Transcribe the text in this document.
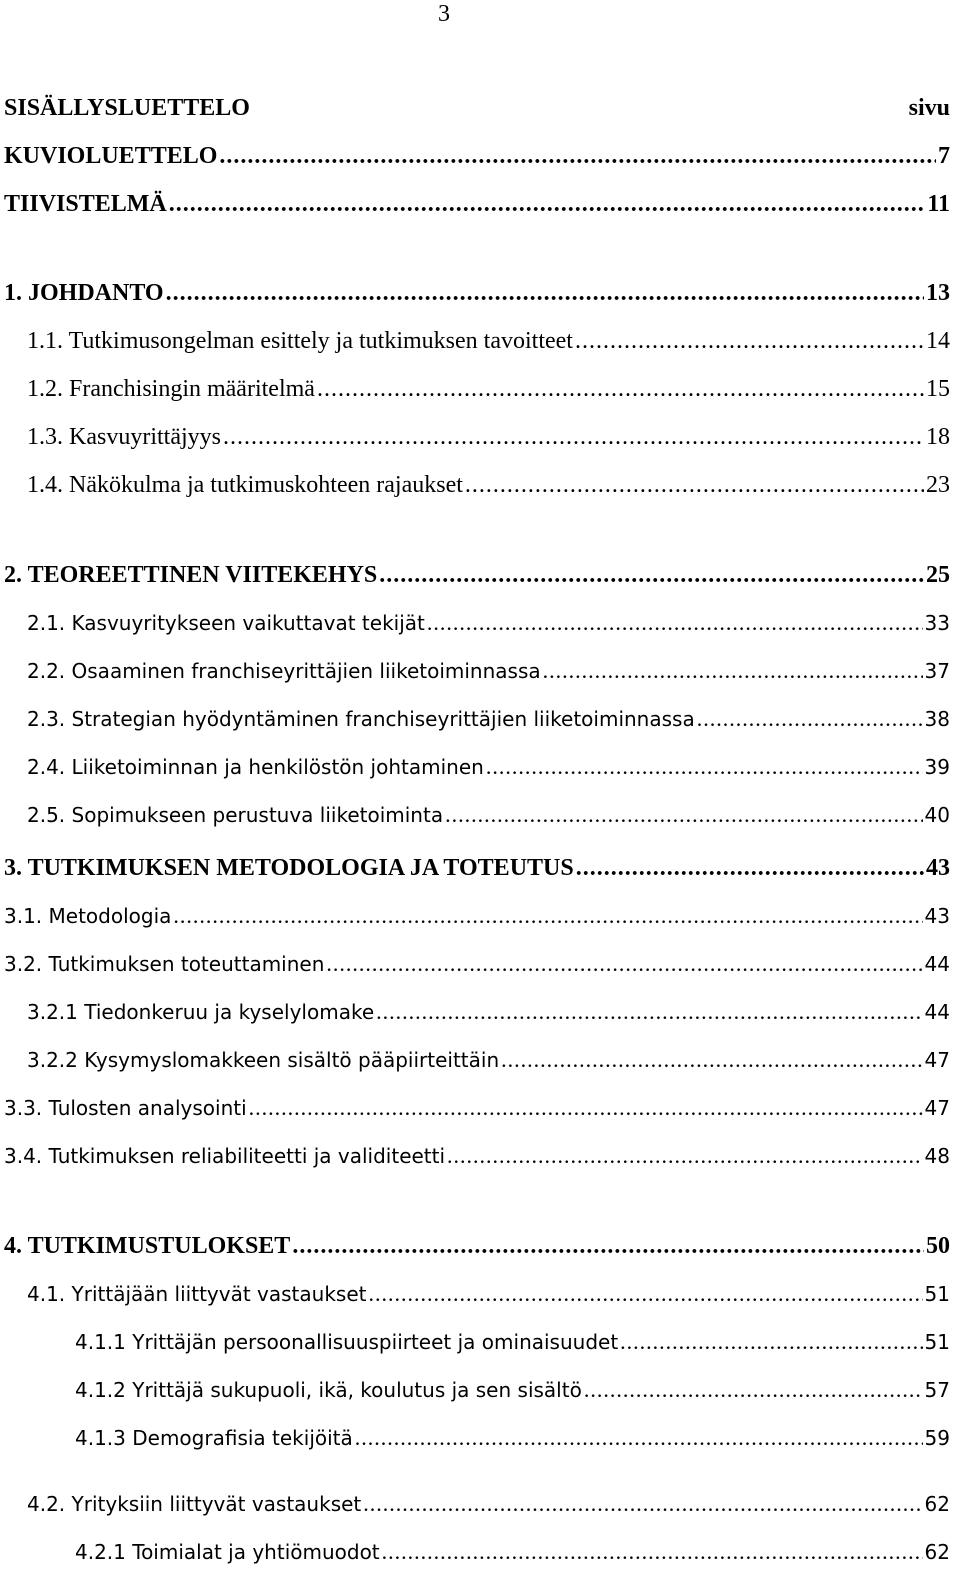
3
SISÄLLYSLUETTELO	sivu
KUVIOLUETTELO .....	7
TIIVISTELMÄ .....	11
1. JOHDANTO .....	13
1.1. Tutkimusongelman esittely ja tutkimuksen tavoitteet .....	14
1.2. Franchisingin määritelmä .....	15
1.3. Kasvuyrittäjyys .....	18
1.4. Näkökulma ja tutkimuskohteen rajaukset .....	23
2. TEOREETTINEN VIITEKEHYS .....	25
2.1. Kasvuyritykseen vaikuttavat tekijät .....	33
2.2. Osaaminen franchiseyrittäjien liiketoiminnassa .....	37
2.3. Strategian hyödyntäminen franchiseyrittäjien liiketoiminnassa .....	38
2.4. Liiketoiminnan ja henkilöstön johtaminen .....	39
2.5. Sopimukseen perustuva liiketoiminta .....	40
3. TUTKIMUKSEN METODOLOGIA JA TOTEUTUS .....	43
3.1. Metodologia .....	43
3.2. Tutkimuksen toteuttaminen .....	44
3.2.1 Tiedonkeruu ja kyselylomake .....	44
3.2.2 Kysymyslomakkeen sisältö pääpiirteittäin .....	47
3.3. Tulosten analysointi .....	47
3.4. Tutkimuksen reliabiliteetti ja validiteetti .....	48
4. TUTKIMUSTULOKSET .....	50
4.1. Yrittäjään liittyvät vastaukset .....	51
4.1.1 Yrittäjän persoonallisuuspiirteet ja ominaisuudet .....	51
4.1.2 Yrittäjä sukupuoli, ikä, koulutus ja sen sisältö .....	57
4.1.3 Demografisia tekijöitä .....	59
4.2. Yrityksiin liittyvät vastaukset .....	62
4.2.1 Toimialat ja yhtiömuodot .....	62
